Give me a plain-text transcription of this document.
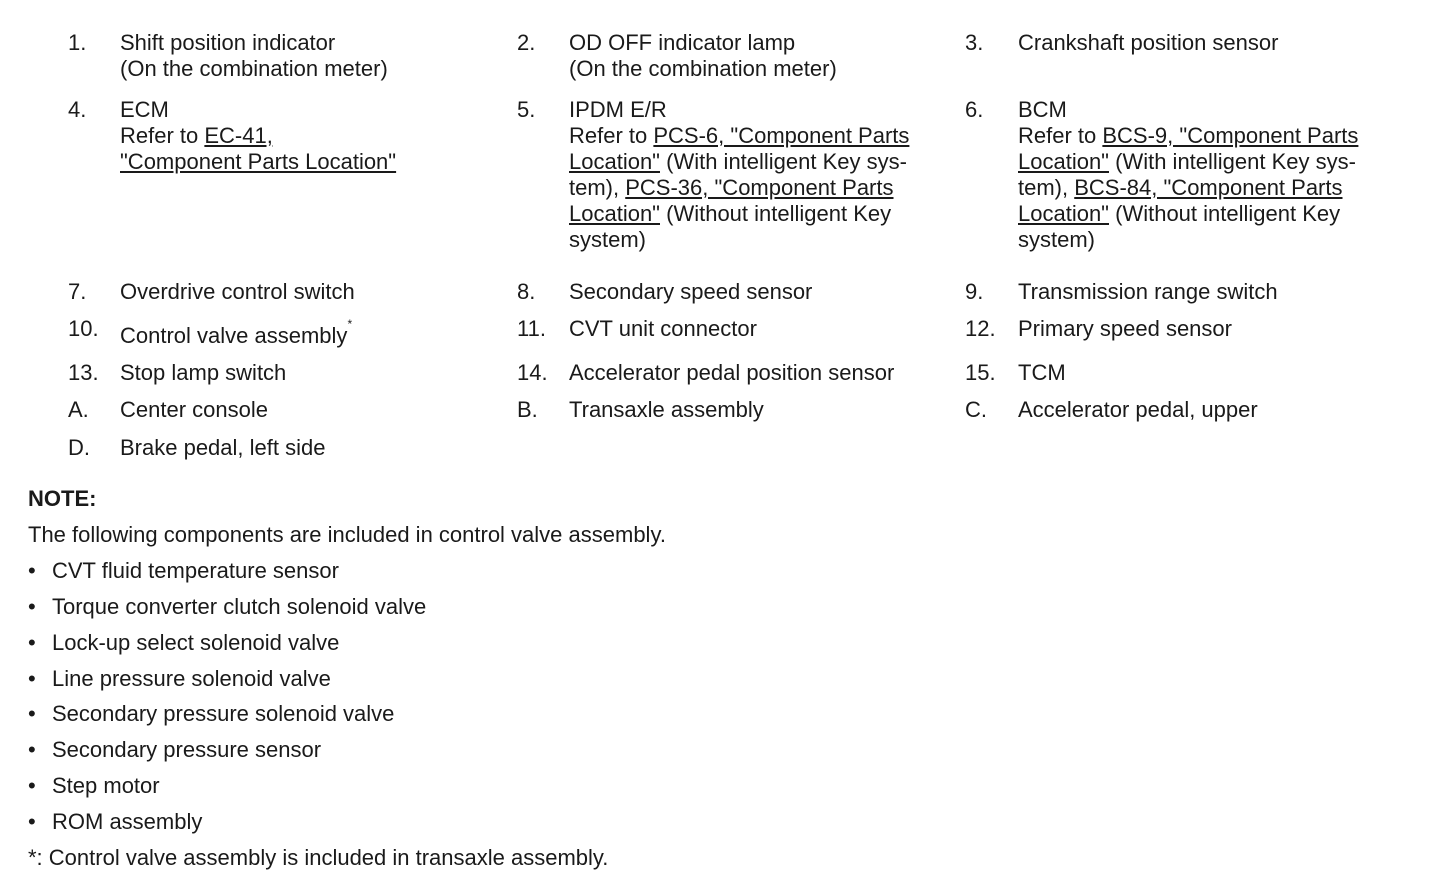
1. Shift position indicator
(On the combination meter)
2. OD OFF indicator lamp
(On the combination meter)
3. Crankshaft position sensor
4. ECM
Refer to EC-41,
"Component Parts Location"
5. IPDM E/R
Refer to PCS-6, "Component Parts
Location" (With intelligent Key sys-
tem), PCS-36, "Component Parts
Location" (Without intelligent Key
system)
6. BCM
Refer to BCS-9, "Component Parts
Location" (With intelligent Key sys-
tem), BCS-84, "Component Parts
Location" (Without intelligent Key
system)
7. Overdrive control switch	8. Secondary speed sensor	9. Transmission range switch
10. Control valve assembly*	11. CVT unit connector	12. Primary speed sensor
13. Stop lamp switch	14. Accelerator pedal position sensor	15. TCM
A. Center console	B. Transaxle assembly	C. Accelerator pedal, upper
D. Brake pedal, left side
NOTE:
The following components are included in control valve assembly.
• CVT fluid temperature sensor
• Torque converter clutch solenoid valve
• Lock-up select solenoid valve
• Line pressure solenoid valve
• Secondary pressure solenoid valve
• Secondary pressure sensor
• Step motor
• ROM assembly
*: Control valve assembly is included in transaxle assembly.
